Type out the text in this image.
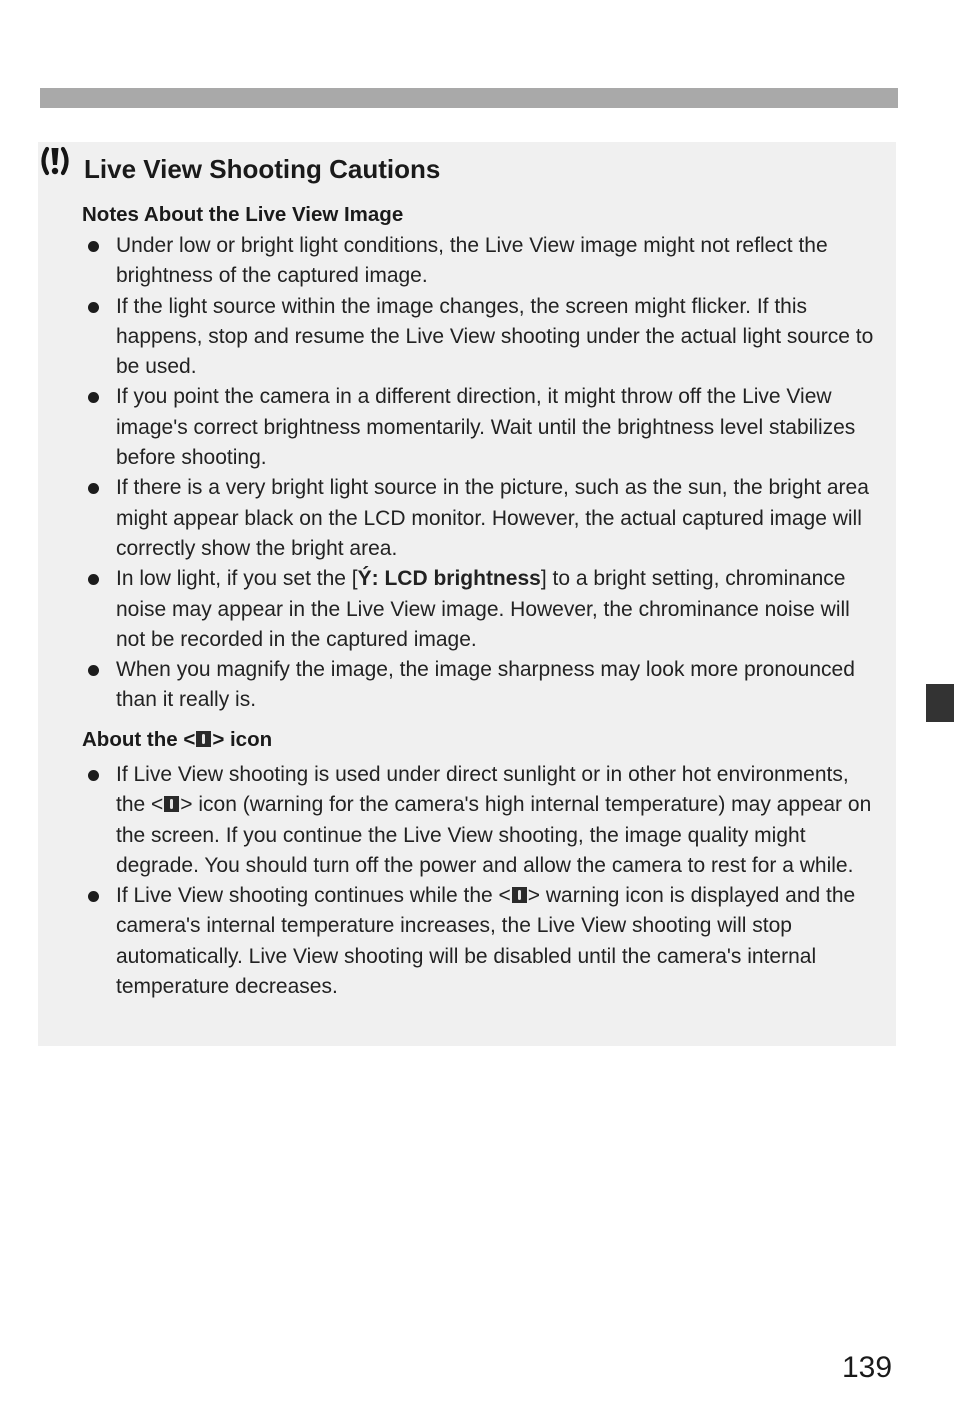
Live View Shooting Cautions
Notes About the Live View Image
Under low or bright light conditions, the Live View image might not reflect the brightness of the captured image.
If the light source within the image changes, the screen might flicker. If this happens, stop and resume the Live View shooting under the actual light source to be used.
If you point the camera in a different direction, it might throw off the Live View image's correct brightness momentarily. Wait until the brightness level stabilizes before shooting.
If there is a very bright light source in the picture, such as the sun, the bright area might appear black on the LCD monitor. However, the actual captured image will correctly show the bright area.
In low light, if you set the [Ý: LCD brightness] to a bright setting, chrominance noise may appear in the Live View image. However, the chrominance noise will not be recorded in the captured image.
When you magnify the image, the image sharpness may look more pronounced than it really is.
About the < > icon
If Live View shooting is used under direct sunlight or in other hot environments, the < > icon (warning for the camera's high internal temperature) may appear on the screen. If you continue the Live View shooting, the image quality might degrade. You should turn off the power and allow the camera to rest for a while.
If Live View shooting continues while the < > warning icon is displayed and the camera's internal temperature increases, the Live View shooting will stop automatically. Live View shooting will be disabled until the camera's internal temperature decreases.

139
